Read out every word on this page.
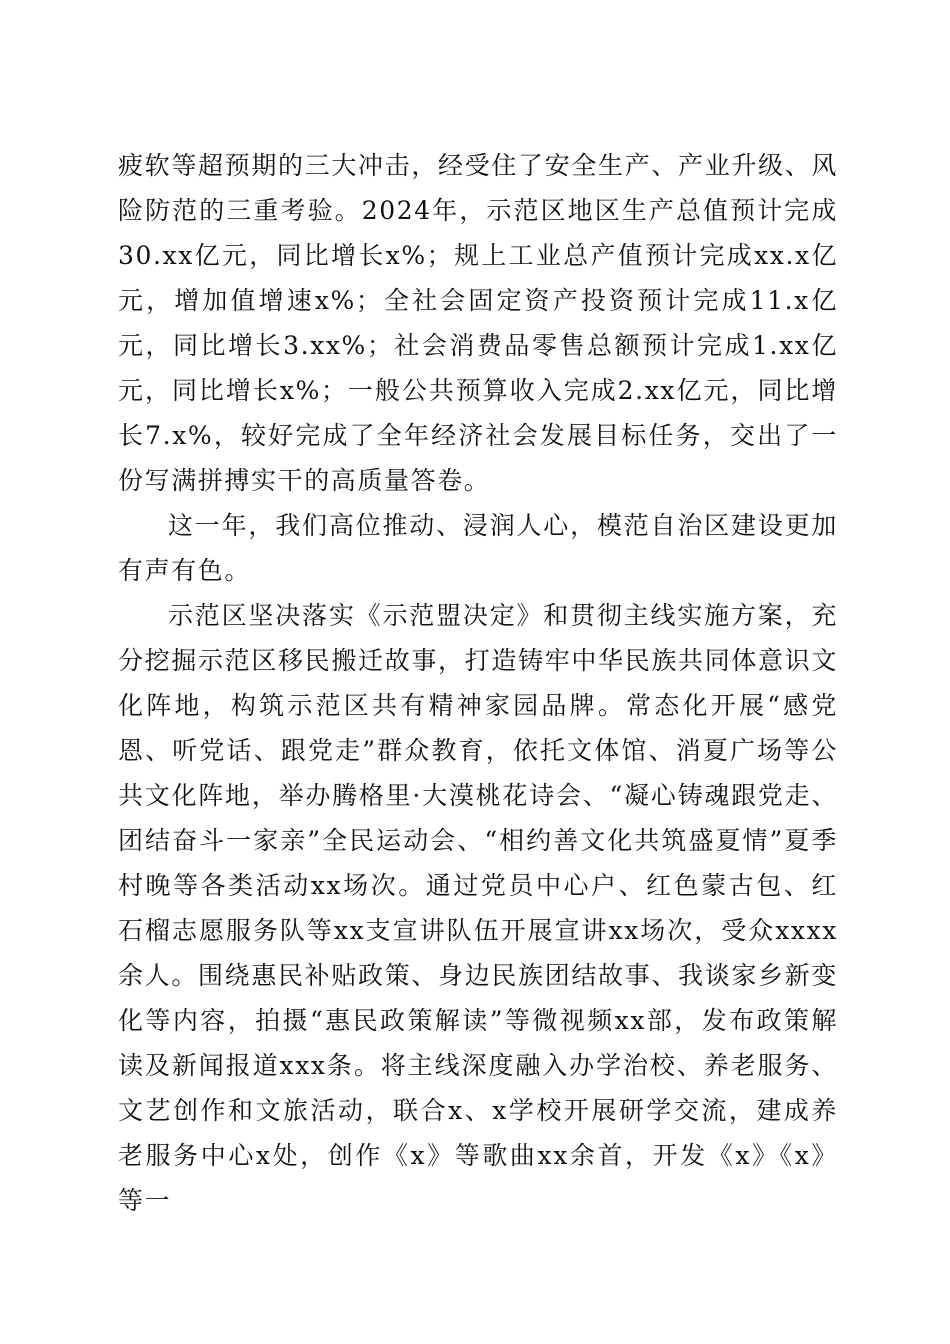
疲软等超预期的三大冲击，经受住了安全生产、产业升级、风险防范的三重考验。2024年，示范区地区生产总值预计完成30.xx亿元，同比增长x%；规上工业总产值预计完成xx.x亿元，增加值增速x%；全社会固定资产投资预计完成11.x亿元，同比增长3.xx%；社会消费品零售总额预计完成1.xx亿元，同比增长x%；一般公共预算收入完成2.xx亿元，同比增长7.x%，较好完成了全年经济社会发展目标任务，交出了一份写满拼搏实干的高质量答卷。

这一年，我们高位推动、浸润人心，模范自治区建设更加有声有色。

示范区坚决落实《示范盟决定》和贯彻主线实施方案，充分挖掘示范区移民搬迁故事，打造铸牢中华民族共同体意识文化阵地，构筑示范区共有精神家园品牌。常态化开展“感党恩、听党话、跟党走”群众教育，依托文体馆、消夏广场等公共文化阵地，举办腾格里·大漠桃花诗会、“凝心铸魂跟党走、团结奋斗一家亲”全民运动会、“相约善文化共筑盛夏情”夏季村晚等各类活动xx场次。通过党员中心户、红色蒙古包、红石榴志愿服务队等xx支宣讲队伍开展宣讲xx场次，受众xxxx余人。围绕惠民补贴政策、身边民族团结故事、我谈家乡新变化等内容，拍摄“惠民政策解读”等微视频xx部，发布政策解读及新闻报道xxx条。将主线深度融入办学治校、养老服务、文艺创作和文旅活动，联合x、x学校开展研学交流，建成养老服务中心x处，创作《x》等歌曲xx余首，开发《x》《x》等一
